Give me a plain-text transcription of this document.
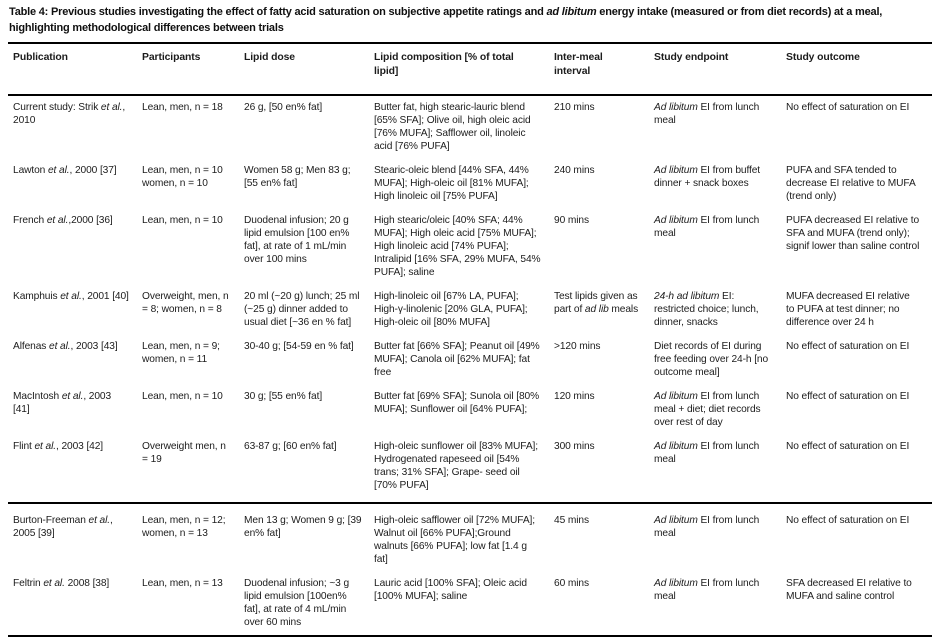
Table 4: Previous studies investigating the effect of fatty acid saturation on subjective appetite ratings and ad libitum energy intake (measured or from diet records) at a meal, highlighting methodological differences between trials
Publication	Participants	Lipid dose	Lipid composition [% of total lipid]	Inter-meal interval	Study endpoint	Study outcome
Current study: Strik et al., 2010	Lean, men, n = 18	26 g, [50 en% fat]	Butter fat, high stearic-lauric blend [65% SFA]; Olive oil, high oleic acid [76% MUFA]; Safflower oil, linoleic acid [76% PUFA]	210 mins	Ad libitum EI from lunch meal	No effect of saturation on EI
Lawton et al., 2000 [37]	Lean, men, n = 10 women, n = 10	Women 58 g; Men 83 g; [55 en% fat]	Stearic-oleic blend [44% SFA, 44% MUFA]; High-oleic oil [81% MUFA]; High linoleic oil [75% PUFA]	240 mins	Ad libitum EI from buffet dinner + snack boxes	PUFA and SFA tended to decrease EI relative to MUFA (trend only)
French et al.,2000 [36]	Lean, men, n = 10	Duodenal infusion; 20 g lipid emulsion [100 en% fat], at rate of 1 mL/min over 100 mins	High stearic/oleic [40% SFA; 44% MUFA]; High oleic acid [75% MUFA]; High linoleic acid [74% PUFA]; Intralipid [16% SFA, 29% MUFA, 54% PUFA]; saline	90 mins	Ad libitum EI from lunch meal	PUFA decreased EI relative to SFA and MUFA (trend only); signif lower than saline control
Kamphuis et al., 2001 [40]	Overweight, men, n = 8; women, n = 8	20 ml (~20 g) lunch; 25 ml (~25 g) dinner added to usual diet [~36 en % fat]	High-linoleic oil [67% LA, PUFA]; High-γ-linolenic [20% GLA, PUFA]; High-oleic oil [80% MUFA]	Test lipids given as part of ad lib meals	24-h ad libitum EI: restricted choice; lunch, dinner, snacks	MUFA decreased EI relative to PUFA at test dinner; no difference over 24 h
Alfenas et al., 2003 [43]	Lean, men, n = 9; women, n = 11	30-40 g; [54-59 en % fat]	Butter fat [66% SFA]; Peanut oil [49% MUFA]; Canola oil [62% MUFA]; fat free	>120 mins	Diet records of EI during free feeding over 24-h [no outcome meal]	No effect of saturation on EI
MacIntosh et al., 2003 [41]	Lean, men, n = 10	30 g; [55 en% fat]	Butter fat [69% SFA]; Sunola oil [80% MUFA]; Sunflower oil [64% PUFA];	120 mins	Ad libitum EI from lunch meal + diet; diet records over rest of day	No effect of saturation on EI
Flint et al., 2003 [42]	Overweight men, n = 19	63-87 g; [60 en% fat]	High-oleic sunflower oil [83% MUFA]; Hydrogenated rapeseed oil [54% trans; 31% SFA]; Grape- seed oil [70% PUFA]	300 mins	Ad libitum EI from lunch meal	No effect of saturation on EI
Burton-Freeman et al., 2005 [39]	Lean, men, n = 12; women, n = 13	Men 13 g; Women 9 g; [39 en% fat]	High-oleic safflower oil [72% MUFA]; Walnut oil [66% PUFA];Ground walnuts [66% PUFA]; low fat [1.4 g fat]	45 mins	Ad libitum EI from lunch meal	No effect of saturation on EI
Feltrin et al. 2008 [38]	Lean, men, n = 13	Duodenal infusion; ~3 g lipid emulsion [100en% fat], at rate of 4 mL/min over 60 mins	Lauric acid [100% SFA]; Oleic acid [100% MUFA]; saline	60 mins	Ad libitum EI from lunch meal	SFA decreased EI relative to MUFA and saline control
